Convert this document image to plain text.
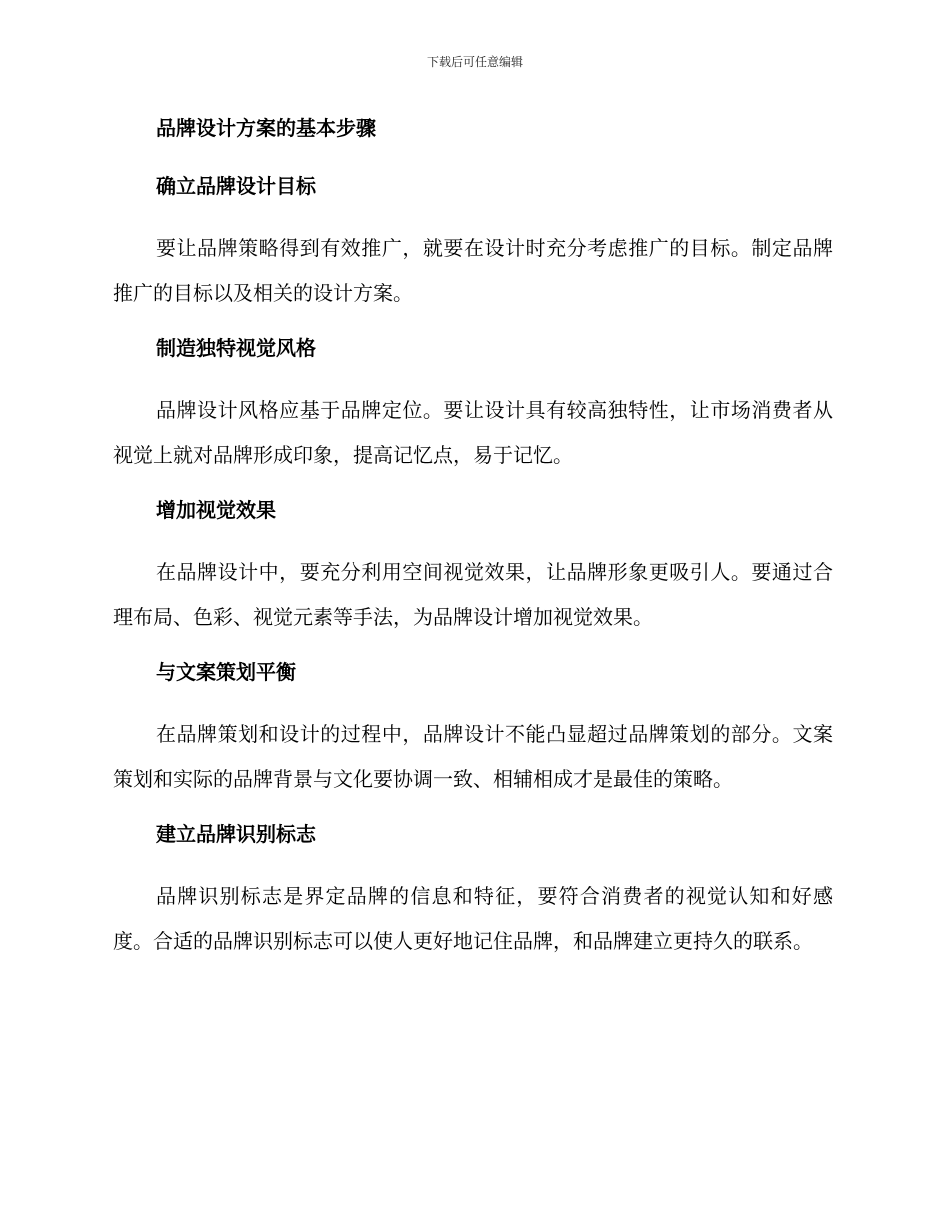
下载后可任意编辑
品牌设计方案的基本步骤
确立品牌设计目标
要让品牌策略得到有效推广，就要在设计时充分考虑推广的目标。制定品牌推广的目标以及相关的设计方案。
制造独特视觉风格
品牌设计风格应基于品牌定位。要让设计具有较高独特性，让市场消费者从视觉上就对品牌形成印象，提高记忆点，易于记忆。
增加视觉效果
在品牌设计中，要充分利用空间视觉效果，让品牌形象更吸引人。要通过合理布局、色彩、视觉元素等手法，为品牌设计增加视觉效果。
与文案策划平衡
在品牌策划和设计的过程中，品牌设计不能凸显超过品牌策划的部分。文案策划和实际的品牌背景与文化要协调一致、相辅相成才是最佳的策略。
建立品牌识别标志
品牌识别标志是界定品牌的信息和特征，要符合消费者的视觉认知和好感度。合适的品牌识别标志可以使人更好地记住品牌，和品牌建立更持久的联系。
